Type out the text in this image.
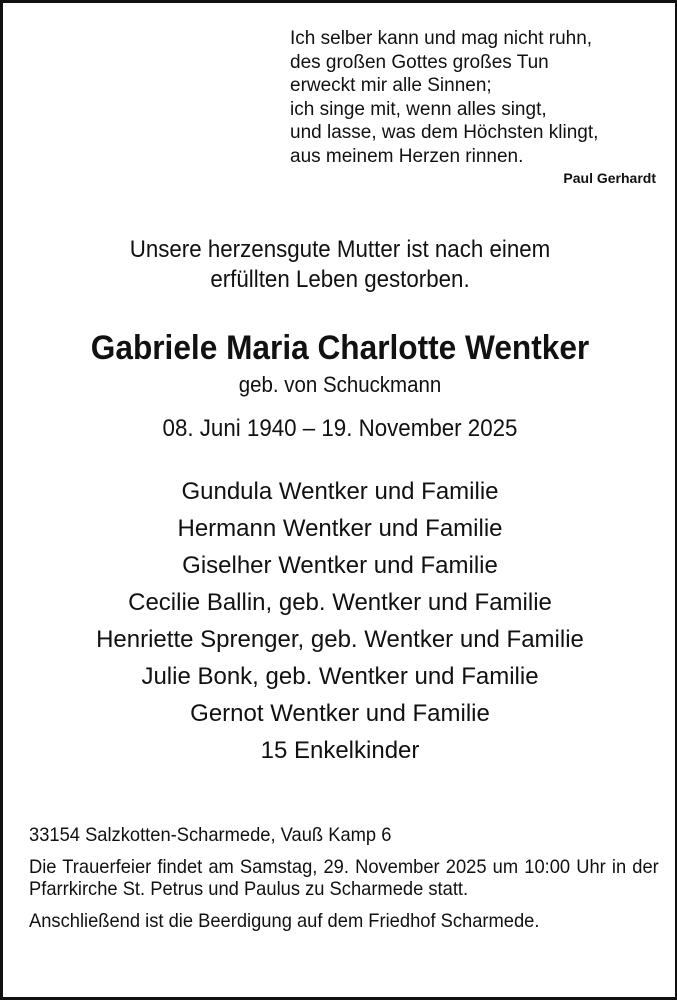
Ich selber kann und mag nicht ruhn,
des großen Gottes großes Tun
erweckt mir alle Sinnen;
ich singe mit, wenn alles singt,
und lasse, was dem Höchsten klingt,
aus meinem Herzen rinnen.
Paul Gerhardt
Unsere herzensgute Mutter ist nach einem
erfüllten Leben gestorben.
Gabriele Maria Charlotte Wentker
geb. von Schuckmann
08. Juni 1940 – 19. November 2025
Gundula Wentker und Familie
Hermann Wentker und Familie
Giselher Wentker und Familie
Cecilie Ballin, geb. Wentker und Familie
Henriette Sprenger, geb. Wentker und Familie
Julie Bonk, geb. Wentker und Familie
Gernot Wentker und Familie
15 Enkelkinder

33154 Salzkotten-Scharmede, Vauß Kamp 6

Die Trauerfeier findet am Samstag, 29. November 2025 um 10:00 Uhr in der Pfarrkirche St. Petrus und Paulus zu Scharmede statt.

Anschließend ist die Beerdigung auf dem Friedhof Scharmede.
